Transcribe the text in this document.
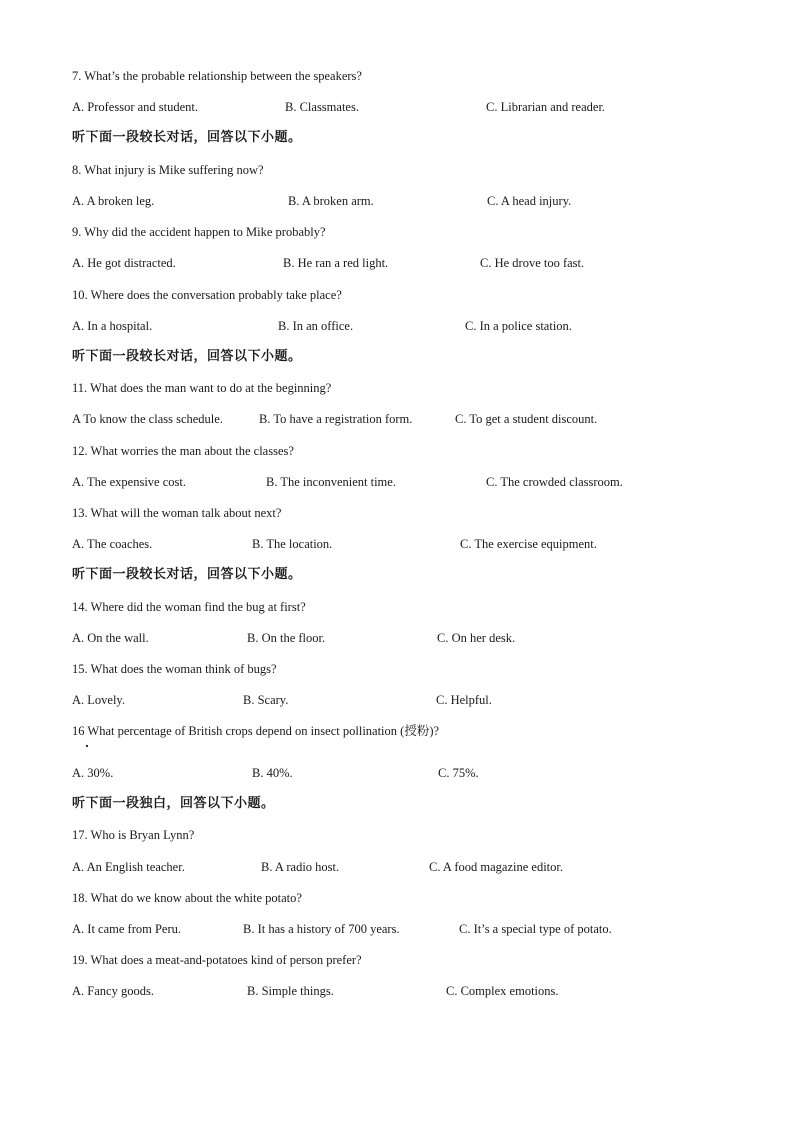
7. What’s the probable relationship between the speakers?
A. Professor and student.	B. Classmates.	C. Librarian and reader.
听下面一段较长对话，回答以下小题。
8. What injury is Mike suffering now?
A. A broken leg.	B. A broken arm.	C. A head injury.
9. Why did the accident happen to Mike probably?
A. He got distracted.	B. He ran a red light.	C. He drove too fast.
10. Where does the conversation probably take place?
A. In a hospital.	B. In an office.	C. In a police station.
听下面一段较长对话，回答以下小题。
11. What does the man want to do at the beginning?
A To know the class schedule.	B. To have a registration form.	C. To get a student discount.
12. What worries the man about the classes?
A. The expensive cost.	B. The inconvenient time.	C. The crowded classroom.
13. What will the woman talk about next?
A. The coaches.	B. The location.	C. The exercise equipment.
听下面一段较长对话，回答以下小题。
14. Where did the woman find the bug at first?
A. On the wall.	B. On the floor.	C. On her desk.
15. What does the woman think of bugs?
A. Lovely.	B. Scary.	C. Helpful.
16 What percentage of British crops depend on insect pollination (授粉)?
A. 30%.	B. 40%.	C. 75%.
听下面一段独白，回答以下小题。
17. Who is Bryan Lynn?
A. An English teacher.	B. A radio host.	C. A food magazine editor.
18. What do we know about the white potato?
A. It came from Peru.	B. It has a history of 700 years.	C. It’s a special type of potato.
19. What does a meat-and-potatoes kind of person prefer?
A. Fancy goods.	B. Simple things.	C. Complex emotions.
